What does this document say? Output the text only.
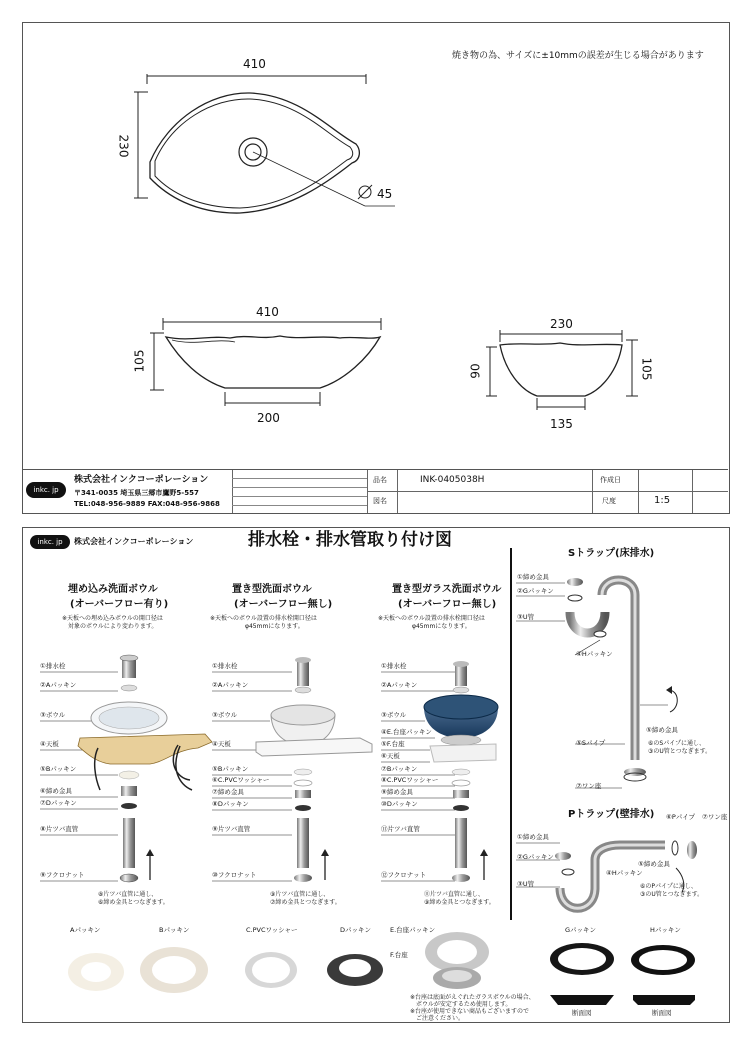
焼き物の為、サイズに±10mmの誤差が生じる場合があります
410
230
45
410
105
200
230
90	105
135
inkc. jp
株式会社インクコーポレーション
〒341-0035 埼玉県三郷市鷹野5-557
TEL:048-956-9889 FAX:048-956-9868
品名	INK-0405038H
図名
作成日
尺度	1:5
inkc. jp	株式会社インクコーポレーション	排水栓・排水管取り付け図
埋め込み洗面ボウル
(オーバーフロー有り)
※天板への埋め込みボウルの開口径は
対象のボウルにより変わります。
置き型洗面ボウル
(オーバーフロー無し)
※天板へのボウル設置の排水栓開口径は
φ45mmになります。
置き型ガラス洗面ボウル
(オーバーフロー無し)
※天板へのボウル設置の排水栓開口径は
φ45mmになります。
①排水栓
②Aパッキン
③ボウル
④天板
⑤Bパッキン
⑥締め金具
⑦Dパッキン
⑧片ツバ直管
⑨フクロナット
①排水栓
②Aパッキン
③ボウル
④天板
⑤Bパッキン
⑥C.PVCワッシャー
⑦締め金具
⑧Dパッキン
⑨片ツバ直管
⑩フクロナット
①排水栓
②Aパッキン
③ボウル
④E.台座パッキン
⑤F.台座
⑥天板
⑦Bパッキン
⑧C.PVCワッシャー
⑨締め金具
⑩Dパッキン
⑪片ツバ直管
⑫フクロナット
⑧片ツバ直管に通し、
⑥締め金具とつなぎます。
⑨片ツバ直管に通し、
⑦締め金具とつなぎます。
⑪片ツバ直管に通し、
⑨締め金具とつなぎます。
Sトラップ(床排水)
①締め金具
②Gパッキン
③U管
④Hパッキン
⑤Sパイプ
⑦ワン座
⑤締め金具
⑥のSパイプに通し、
③のU管とつなぎます。
Pトラップ(壁排水)
①締め金具
②Gパッキン
③U管
⑥Pパイプ ⑦ワン座
⑤締め金具
④Hパッキン
⑥のPパイプに通し、
③のU管とつなぎます。
Aパッキン	Bパッキン	C.PVCワッシャー	Dパッキン	E.台座パッキン
F.台座
Gパッキン	Hパッキン
断面図	断面図
※台座は底面がえぐれたガラスボウルの場合、
ボウルが安定するため使用します。
※台座が使用できない商品もございますので
ご注意ください。
